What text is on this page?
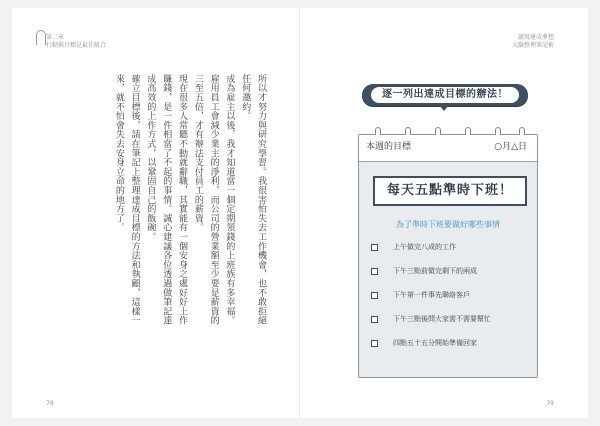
第二章
行動與目標是最佳組合

所以才努力與研究學習。我很害怕失去工作機會，也不敢拒絕任何邀約。

成為雇主以後，我才知道當一個定期領錢的上班族有多幸福。雇用員工會減少業主的淨利，而公司的營業額至少要是薪資的三至五倍，才有辦法支付員工的薪資。

現在很多人常聽不動就辭職，其實能有一個安身之處好好上作賺錢，是一件相當了不起的事情。誠心建議各位透過做筆記達成高效的上作方式，以鞏固自己的飯碗。

確立目標後，請在筆記上整理達成目標的方法和執顧，這樣一來，就不怕會失去安身立命的地方了。

78
讀寫達成夢想
大腦整理筆記術
逐一列出達成目標的辦法！
本週的目標	○月△日
每天五點準時下班！
為了準時下班要做好哪些事情
上午做完八成的工作
下午三點前做完剩下的兩成
下午第一件事先聯絡客戶
下午三點後問大家需不需要幫忙
四點五十五分開始準備回家
79
